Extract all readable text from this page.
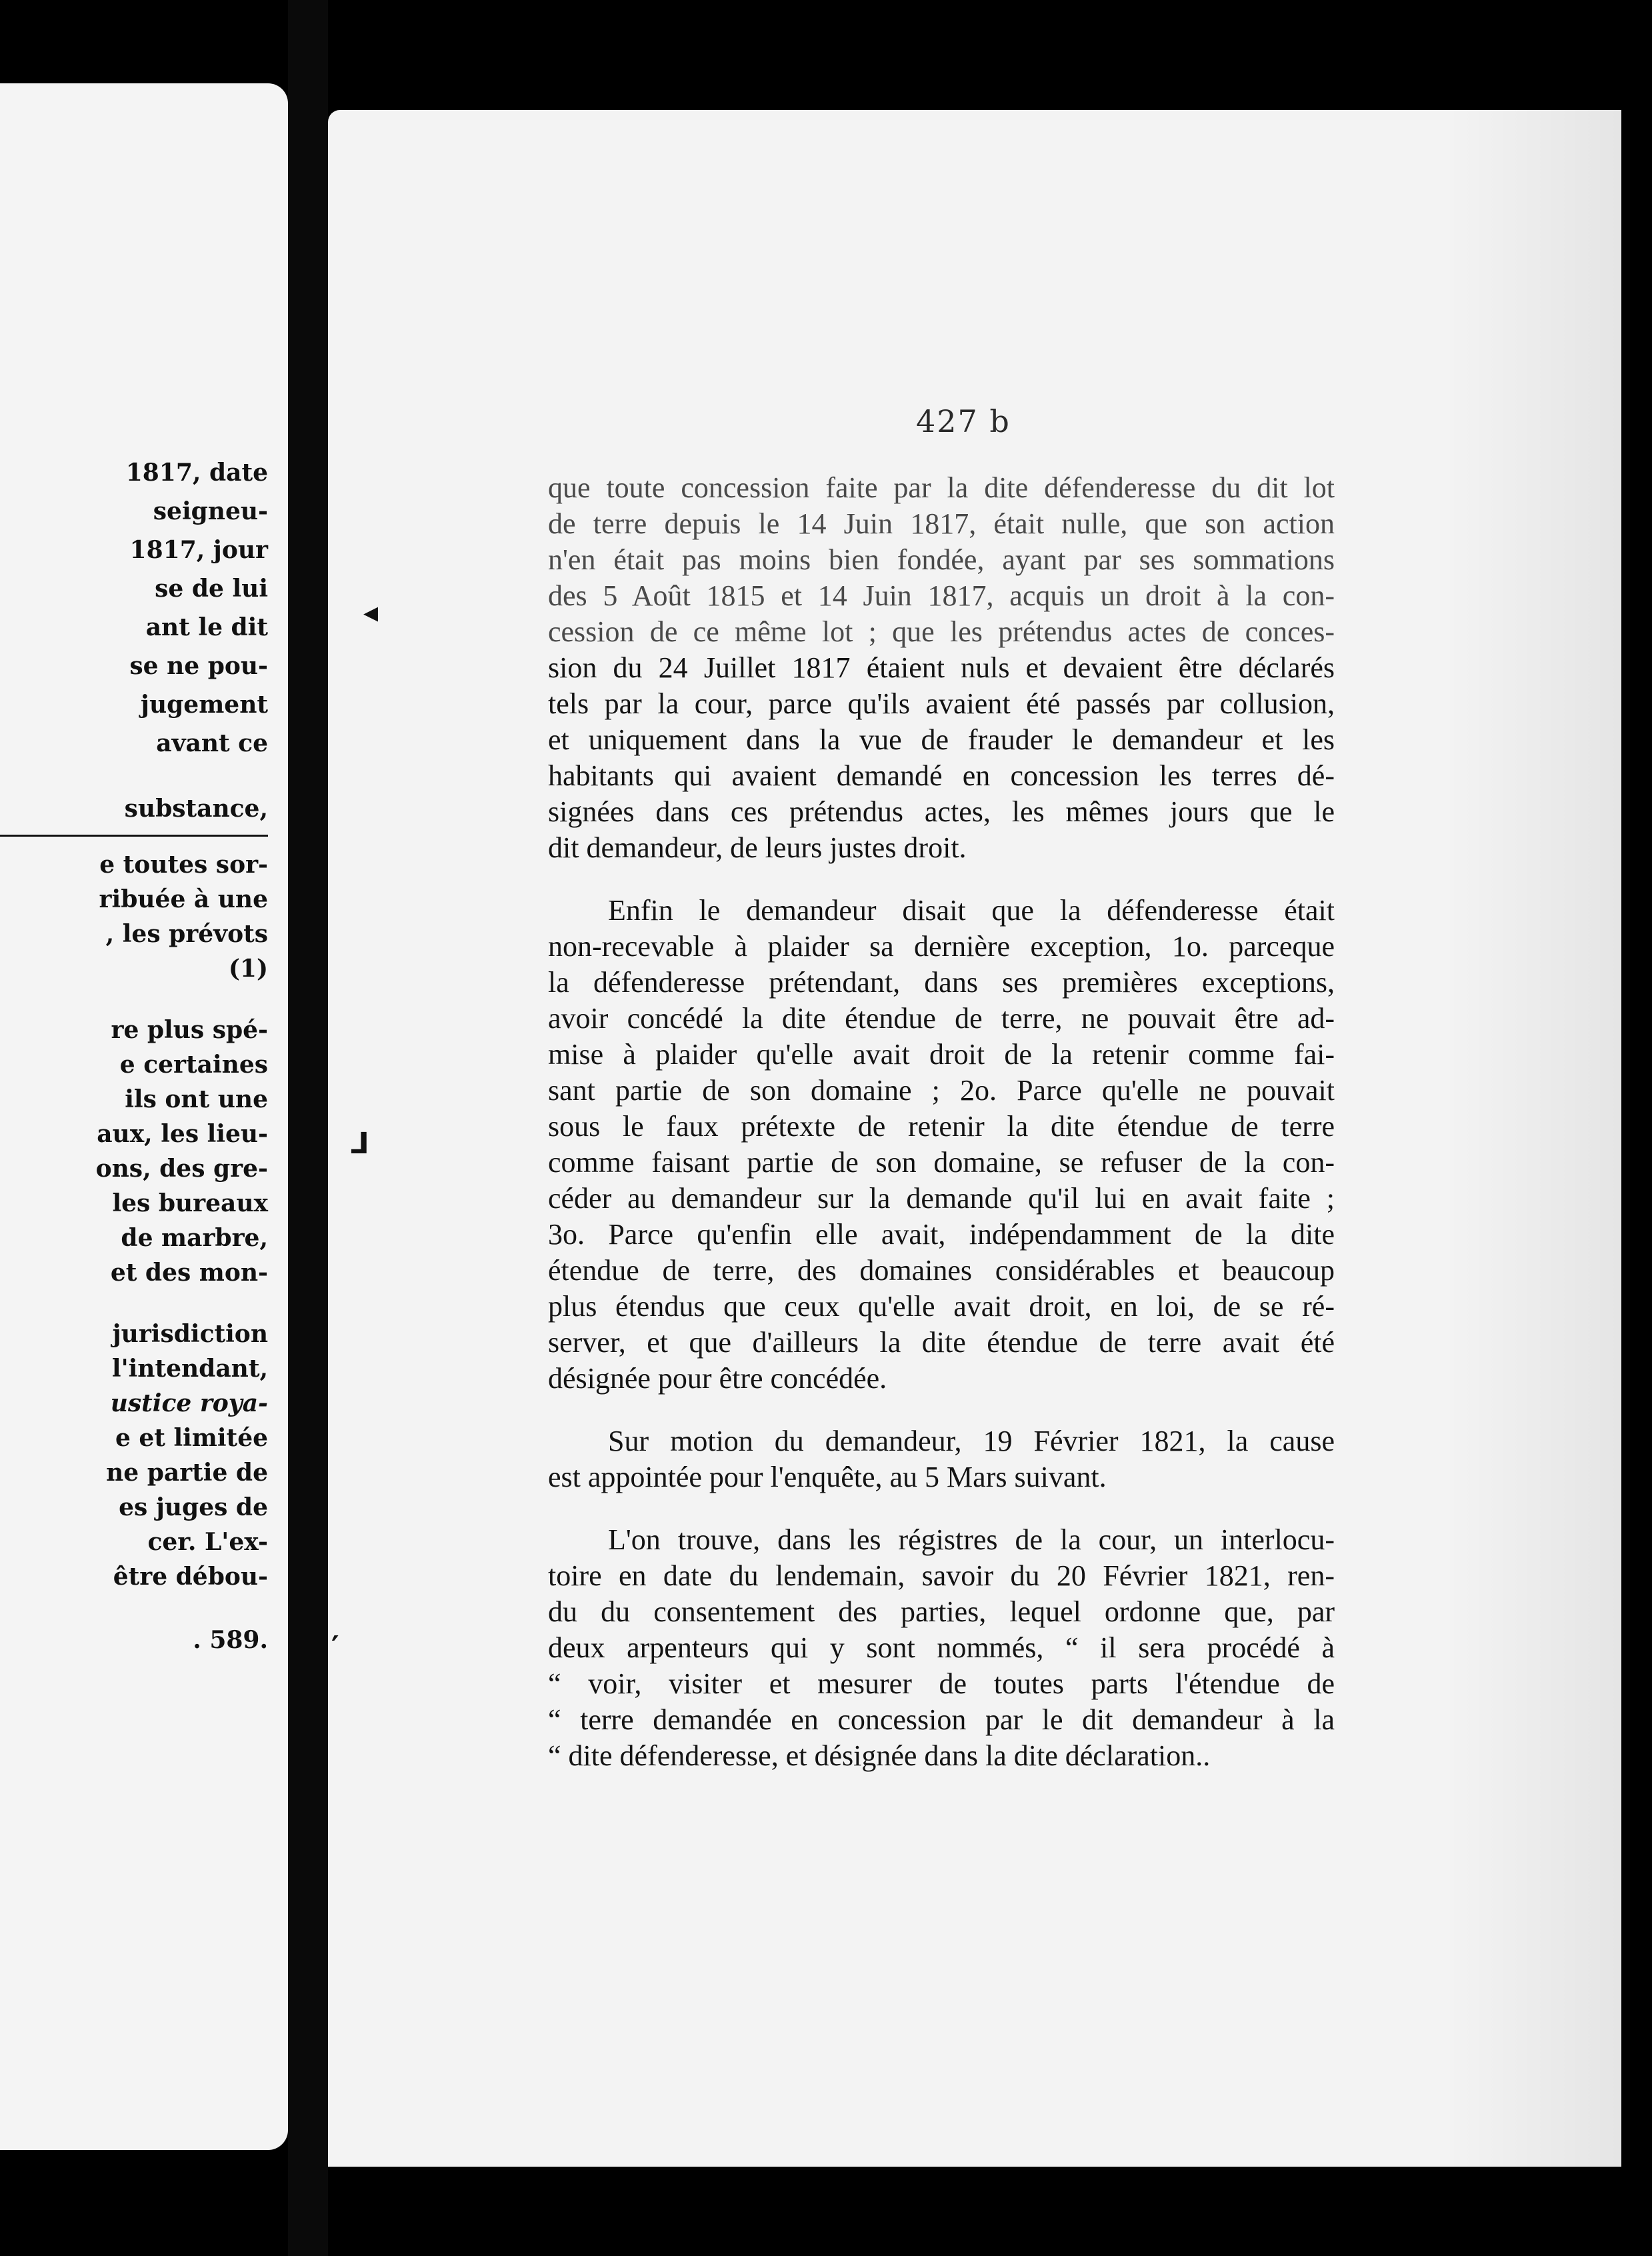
1817, date
seigneu-
1817, jour
se de lui
ant le dit
se ne pou-
jugement
avant ce
substance,
e toutes sor-
ribuée à une
, les prévots
(1)
re plus spé-
e certaines
ils ont une
aux, les lieu-
ons, des gre-
les bureaux
de marbre,
et des mon-
jurisdiction
l'intendant,
ustice roya-
e et limitée
ne partie de
es juges de
cer. L'ex-
être débou-
. 589.
427 b
que toute concession faite par la dite défenderesse du dit lot
de terre depuis le 14 Juin 1817, était nulle, que son action
n'en était pas moins bien fondée, ayant par ses sommations
des 5 Août 1815 et 14 Juin 1817, acquis un droit à la con-
cession de ce même lot ; que les prétendus actes de conces-
sion du 24 Juillet 1817 étaient nuls et devaient être déclarés
tels par la cour, parce qu'ils avaient été passés par collusion,
et uniquement dans la vue de frauder le demandeur et les
habitants qui avaient demandé en concession les terres dé-
signées dans ces prétendus actes, les mêmes jours que le
dit demandeur, de leurs justes droit.
Enfin le demandeur disait que la défenderesse était
non-recevable à plaider sa dernière exception, 1o. parceque
la défenderesse prétendant, dans ses premières exceptions,
avoir concédé la dite étendue de terre, ne pouvait être ad-
mise à plaider qu'elle avait droit de la retenir comme fai-
sant partie de son domaine ; 2o. Parce qu'elle ne pouvait
sous le faux prétexte de retenir la dite étendue de terre
comme faisant partie de son domaine, se refuser de la con-
céder au demandeur sur la demande qu'il lui en avait faite ;
3o. Parce qu'enfin elle avait, indépendamment de la dite
étendue de terre, des domaines considérables et beaucoup
plus étendus que ceux qu'elle avait droit, en loi, de se ré-
server, et que d'ailleurs la dite étendue de terre avait été
désignée pour être concédée.
Sur motion du demandeur, 19 Février 1821, la cause
est appointée pour l'enquête, au 5 Mars suivant.
L'on trouve, dans les régistres de la cour, un interlocu-
toire en date du lendemain, savoir du 20 Février 1821, ren-
du du consentement des parties, lequel ordonne que, par
deux arpenteurs qui y sont nommés, “ il sera procédé à
“ voir, visiter et mesurer de toutes parts l'étendue de
“ terre demandée en concession par le dit demandeur à la
“ dite défenderesse, et désignée dans la dite déclaration..
◂
⅃
′
